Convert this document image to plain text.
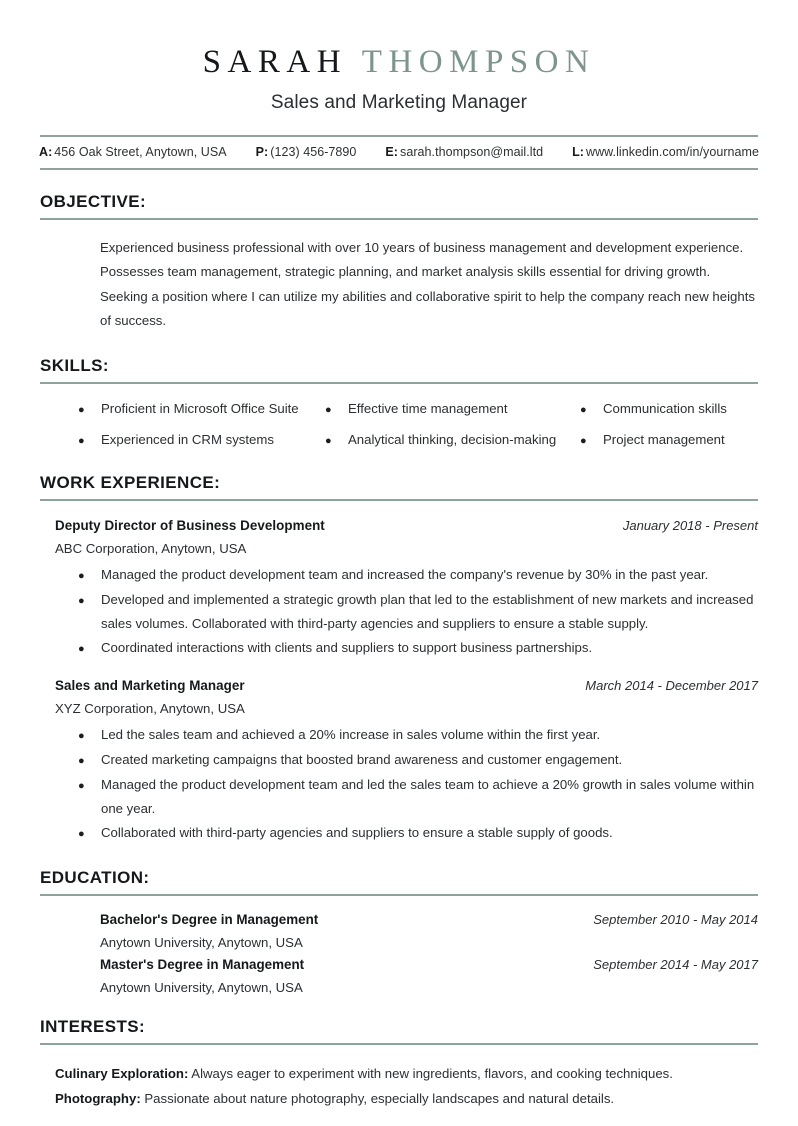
SARAH THOMPSON
Sales and Marketing Manager
A: 456 Oak Street, Anytown, USA P: (123) 456-7890 E: sarah.thompson@mail.ltd L: www.linkedin.com/in/yourname
OBJECTIVE:

Experienced business professional with over 10 years of business management and development experience. Possesses team management, strategic planning, and market analysis skills essential for driving growth. Seeking a position where I can utilize my abilities and collaborative spirit to help the company reach new heights of success.

SKILLS:
●	Proficient in Microsoft Office Suite ●	Effective time management	●	Communication skills
●	Experienced in CRM systems	●	Analytical thinking, decision-making ●	Project management
WORK EXPERIENCE:
Deputy Director of Business Development	January 2018 - Present
ABC Corporation, Anytown, USA
●	Managed the product development team and increased the company's revenue by 30% in the past year.
●	Developed and implemented a strategic growth plan that led to the establishment of new markets and increased sales volumes. Collaborated with third-party agencies and suppliers to ensure a stable supply.
●	Coordinated interactions with clients and suppliers to support business partnerships.
Sales and Marketing Manager	March 2014 - December 2017
XYZ Corporation, Anytown, USA
●	Led the sales team and achieved a 20% increase in sales volume within the first year.
●	Created marketing campaigns that boosted brand awareness and customer engagement.
●	Managed the product development team and led the sales team to achieve a 20% growth in sales volume within one year.
●	Collaborated with third-party agencies and suppliers to ensure a stable supply of goods.
EDUCATION:
Bachelor's Degree in Management	September 2010 - May 2014
Anytown University, Anytown, USA
Master's Degree in Management	September 2014 - May 2017
Anytown University, Anytown, USA
INTERESTS:
Culinary Exploration: Always eager to experiment with new ingredients, flavors, and cooking techniques.
Photography: Passionate about nature photography, especially landscapes and natural details.
